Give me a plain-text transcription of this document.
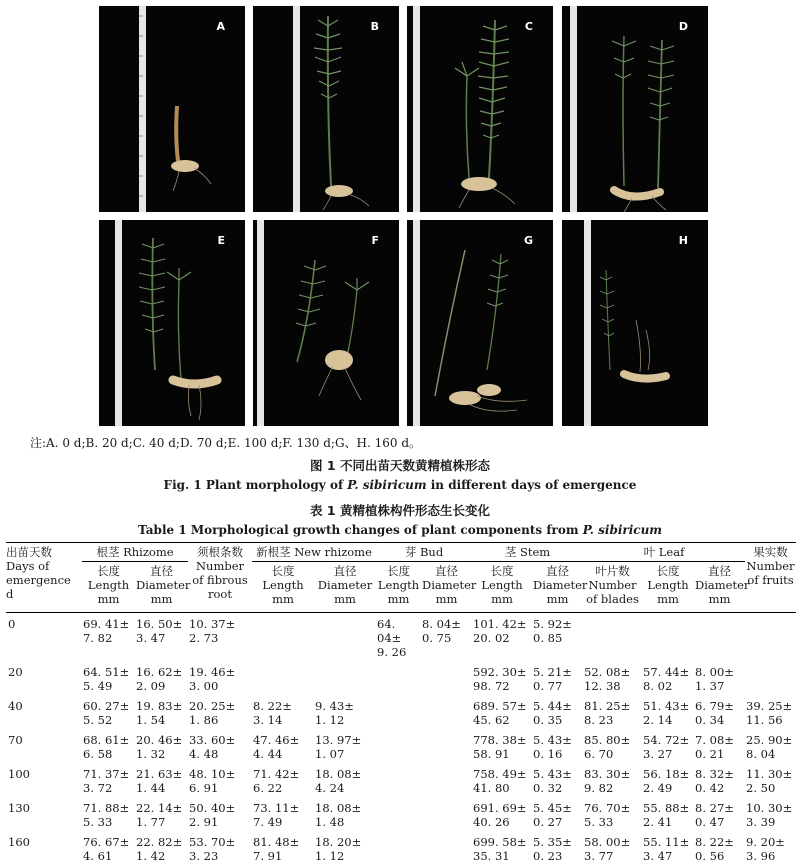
A	B	C	D
E	F	G	H
注:A. 0 d;B. 20 d;C. 40 d;D. 70 d;E. 100 d;F. 130 d;G、H. 160 d。
图 1 不同出苗天数黄精植株形态
Fig. 1 Plant morphology of P. sibiricum in different days of emergence
表 1 黄精植株构件形态生长变化
Table 1 Morphological growth changes of plant components from P. sibiricum
出苗天数
Days of
emergence
d	根茎 Rhizome		须根条数
Number
of fibrous
root	新根茎 New rhizome		芽 Bud		茎 Stem		叶 Leaf			果实数
Number
of fruits

	长度
Length
mm	直径
Diameter
mm		长度
Length
mm	直径
Diameter
mm	长度
Length
mm	直径
Diameter
mm	长度
Length
mm	直径
Diameter
mm	叶片数
Number
of blades	长度
Length
mm	直径
Diameter
mm	

0	69. 41±
7. 82	16. 50±
3. 47	10. 37±
2. 73			64. 04±
9. 26	8. 04±
0. 75	101. 42±
20. 02	5. 92±
0. 85				

20	64. 51±
5. 49	16. 62±
2. 09	19. 46±
3. 00					592. 30±
98. 72	5. 21±
0. 77	52. 08±
12. 38	57. 44±
8. 02	8. 00±
1. 37	

40	60. 27±
5. 52	19. 83±
1. 54	20. 25±
1. 86	8. 22±
3. 14	9. 43±
1. 12			689. 57±
45. 62	5. 44±
0. 35	81. 25±
8. 23	51. 43±
2. 14	6. 79±
0. 34	39. 25±
11. 56

70	68. 61±
6. 58	20. 46±
1. 32	33. 60±
4. 48	47. 46±
4. 44	13. 97±
1. 07			778. 38±
58. 91	5. 43±
0. 16	85. 80±
6. 70	54. 72±
3. 27	7. 08±
0. 21	25. 90±
8. 04

100	71. 37±
3. 72	21. 63±
1. 44	48. 10±
6. 91	71. 42±
6. 22	18. 08±
4. 24			758. 49±
41. 80	5. 43±
0. 32	83. 30±
9. 82	56. 18±
2. 49	8. 32±
0. 42	11. 30±
2. 50

130	71. 88±
5. 33	22. 14±
1. 77	50. 40±
2. 91	73. 11±
7. 49	18. 08±
1. 48			691. 69±
40. 26	5. 45±
0. 27	76. 70±
5. 33	55. 88±
2. 41	8. 27±
0. 47	10. 30±
3. 39

160	76. 67±
4. 61	22. 82±
1. 42	53. 70±
3. 23	81. 48±
7. 91	18. 20±
1. 12			699. 58±
35. 31	5. 35±
0. 23	58. 00±
3. 77	55. 11±
3. 47	8. 22±
0. 56	9. 20±
3. 96
